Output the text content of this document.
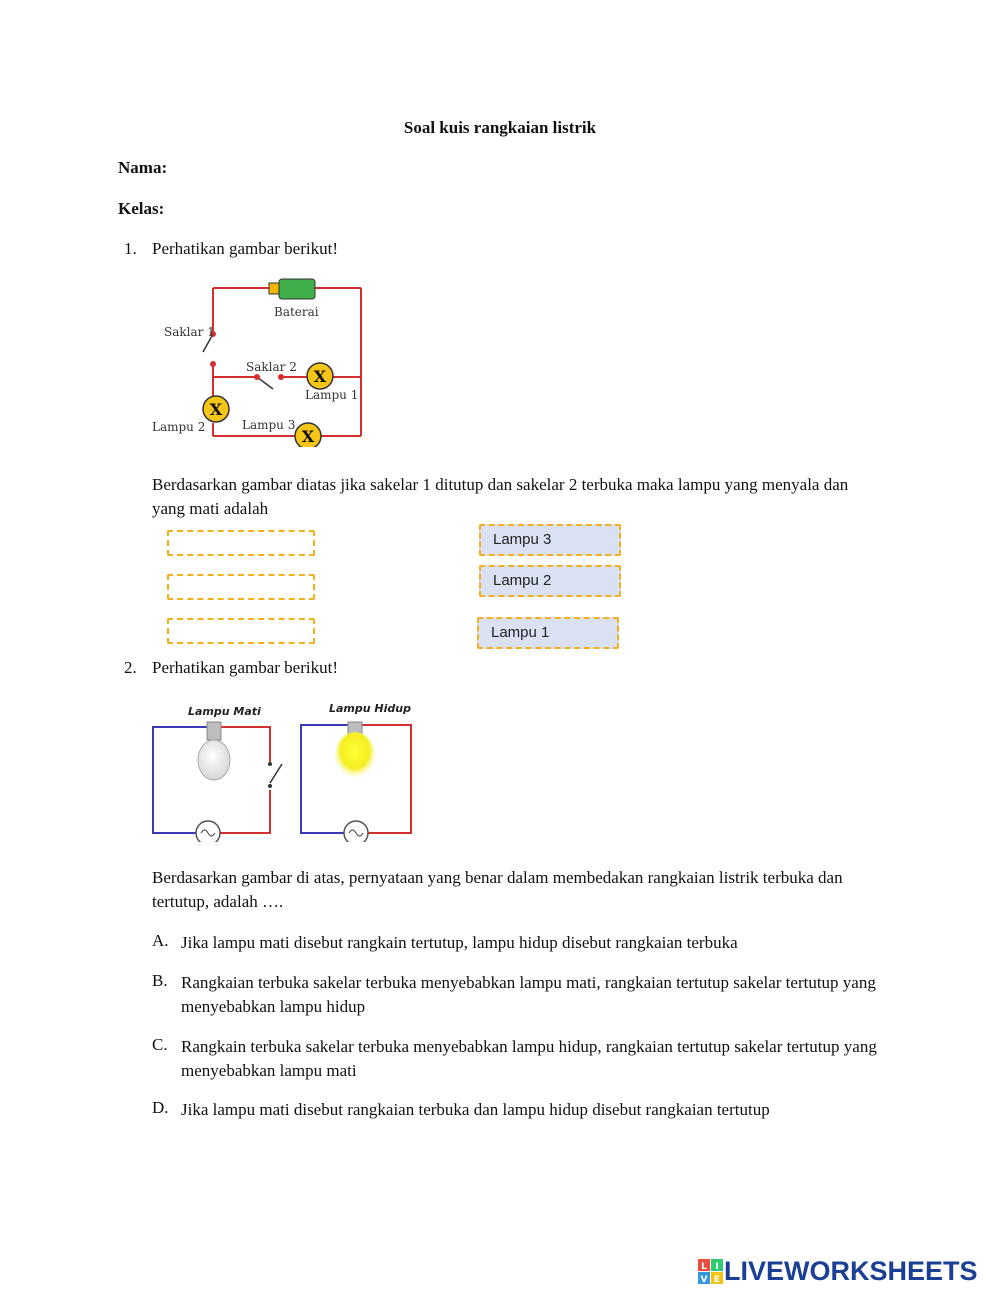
Soal kuis rangkaian listrik
Nama:
Kelas:
1. Perhatikan gambar berikut!
X
X
X
Baterai
Saklar 1
Saklar 2
Lampu 1
Lampu 2	Lampu 3
Berdasarkan gambar diatas jika sakelar 1 ditutup dan sakelar 2 terbuka maka lampu yang menyala dan yang mati adalah
Lampu 3
Lampu 2
Lampu 1
2. Perhatikan gambar berikut!
Lampu Mati	Lampu Hidup
Berdasarkan gambar di atas, pernyataan yang benar dalam membedakan rangkaian listrik terbuka dan tertutup, adalah ….
A. Jika lampu mati disebut rangkain tertutup, lampu hidup disebut rangkaian terbuka
B. Rangkaian terbuka sakelar terbuka menyebabkan lampu mati, rangkaian tertutup sakelar tertutup yang menyebabkan lampu hidup
C. Rangkain terbuka sakelar terbuka menyebabkan lampu hidup, rangkaian tertutup sakelar tertutup yang menyebabkan lampu mati
D. Jika lampu mati disebut rangkaian terbuka dan lampu hidup disebut rangkaian tertutup
L I
V E LIVEWORKSHEETS
